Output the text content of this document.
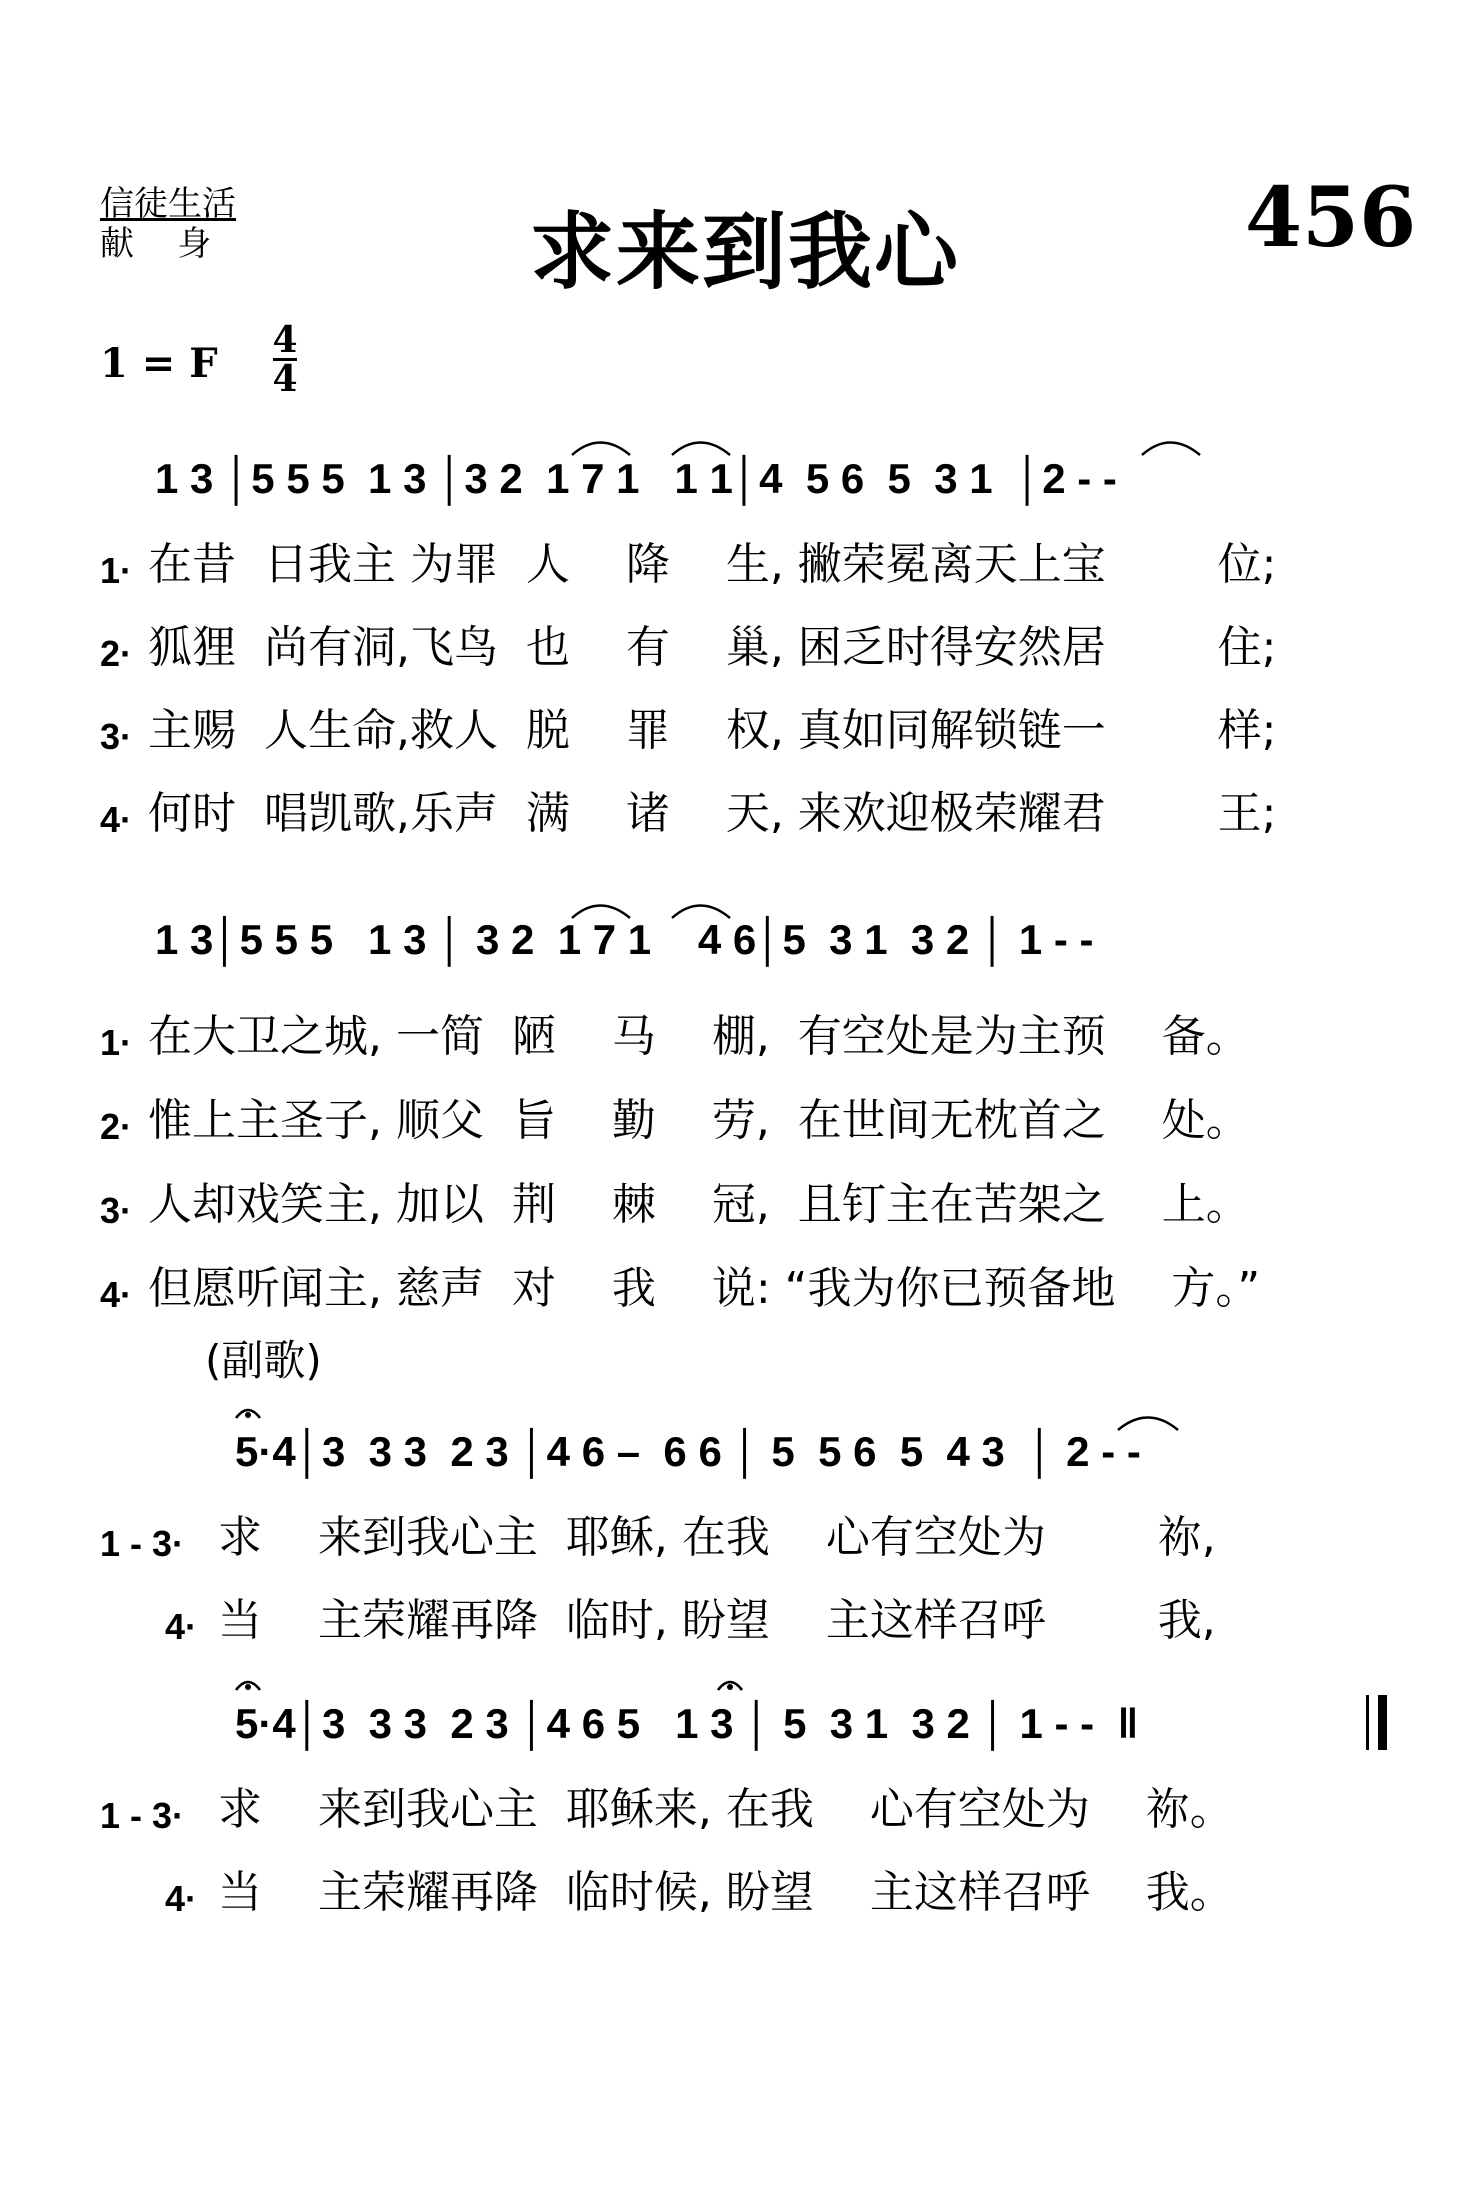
信徒生活
献    身	求来到我心	456
1 = F 4
4
1 3 │5 5 5  1 3 │3 2  1 7 1   1 1│4  5 6  5  3 1  │2 - -
1· 在昔  日我主 为罪  人    降    生, 撇荣冕离天上宝        位;
2· 狐狸  尚有洞,飞鸟  也    有    巢, 困乏时得安然居        住;
3· 主赐  人生命,救人  脱    罪    权, 真如同解锁链一        样;
4· 何时  唱凯歌,乐声  满    诸    天, 来欢迎极荣耀君        王;
1 3│5 5 5   1 3 │ 3 2  1 7 1    4 6│5  3 1  3 2 │ 1 - -
1· 在大卫之城, 一简  陋    马    棚,  有空处是为主预    备。
2· 惟上主圣子, 顺父  旨    勤    劳,  在世间无枕首之    处。
3· 人却戏笑主, 加以  荆    棘    冠,  且钉主在苦架之    上。
4· 但愿听闻主, 慈声  对    我    说: “我为你已预备地    方。”
(副歌)
5·4│3  3 3  2 3 │4 6 –  6 6 │ 5  5 6  5  4 3  │ 2 - -
1 - 3· 求    来到我心主  耶稣, 在我    心有空处为        祢,
4· 当    主荣耀再降  临时, 盼望    主这样召呼        我,
5·4│3  3 3  2 3 │4 6 5   1 3 │ 5  3 1  3 2 │ 1 - -  ‖
1 - 3· 求    来到我心主  耶稣来, 在我    心有空处为    祢。
4· 当    主荣耀再降  临时候, 盼望    主这样召呼    我。
